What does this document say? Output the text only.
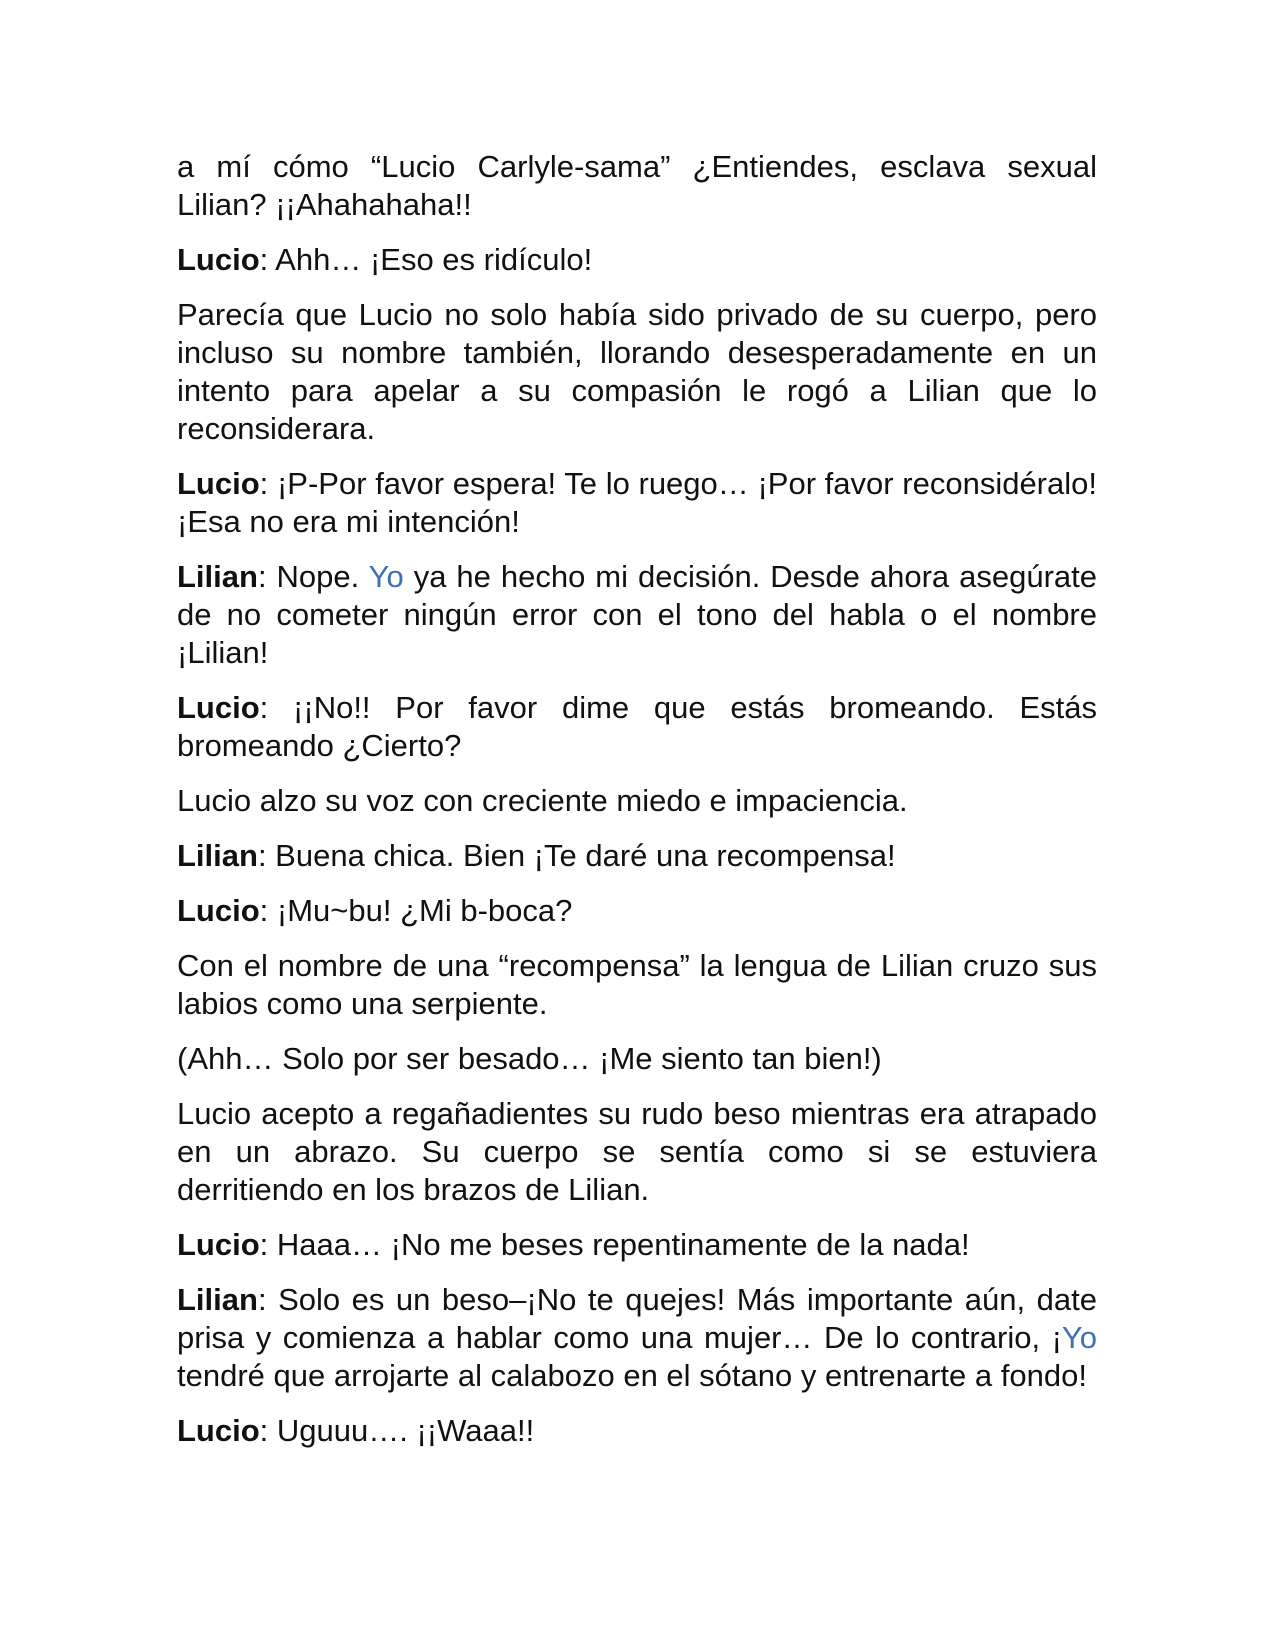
a mí cómo “Lucio Carlyle-sama” ¿Entiendes, esclava sexual Lilian? ¡¡Ahahahaha!!

Lucio: Ahh… ¡Eso es ridículo!

Parecía que Lucio no solo había sido privado de su cuerpo, pero incluso su nombre también, llorando desesperadamente en un intento para apelar a su compasión le rogó a Lilian que lo reconsiderara.

Lucio: ¡P-Por favor espera! Te lo ruego… ¡Por favor reconsidéralo! ¡Esa no era mi intención!

Lilian: Nope. Yo ya he hecho mi decisión. Desde ahora asegúrate de no cometer ningún error con el tono del habla o el nombre ¡Lilian!

Lucio: ¡¡No!! Por favor dime que estás bromeando. Estás bromeando ¿Cierto?

Lucio alzo su voz con creciente miedo e impaciencia.

Lilian: Buena chica. Bien ¡Te daré una recompensa!

Lucio: ¡Mu~bu! ¿Mi b-boca?

Con el nombre de una “recompensa” la lengua de Lilian cruzo sus labios como una serpiente.

(Ahh… Solo por ser besado… ¡Me siento tan bien!)

Lucio acepto a regañadientes su rudo beso mientras era atrapado en un abrazo. Su cuerpo se sentía como si se estuviera derritiendo en los brazos de Lilian.

Lucio: Haaa… ¡No me beses repentinamente de la nada!

Lilian: Solo es un beso–¡No te quejes! Más importante aún, date prisa y comienza a hablar como una mujer… De lo contrario, ¡Yo tendré que arrojarte al calabozo en el sótano y entrenarte a fondo!

Lucio: Uguuu…. ¡¡Waaa!!
